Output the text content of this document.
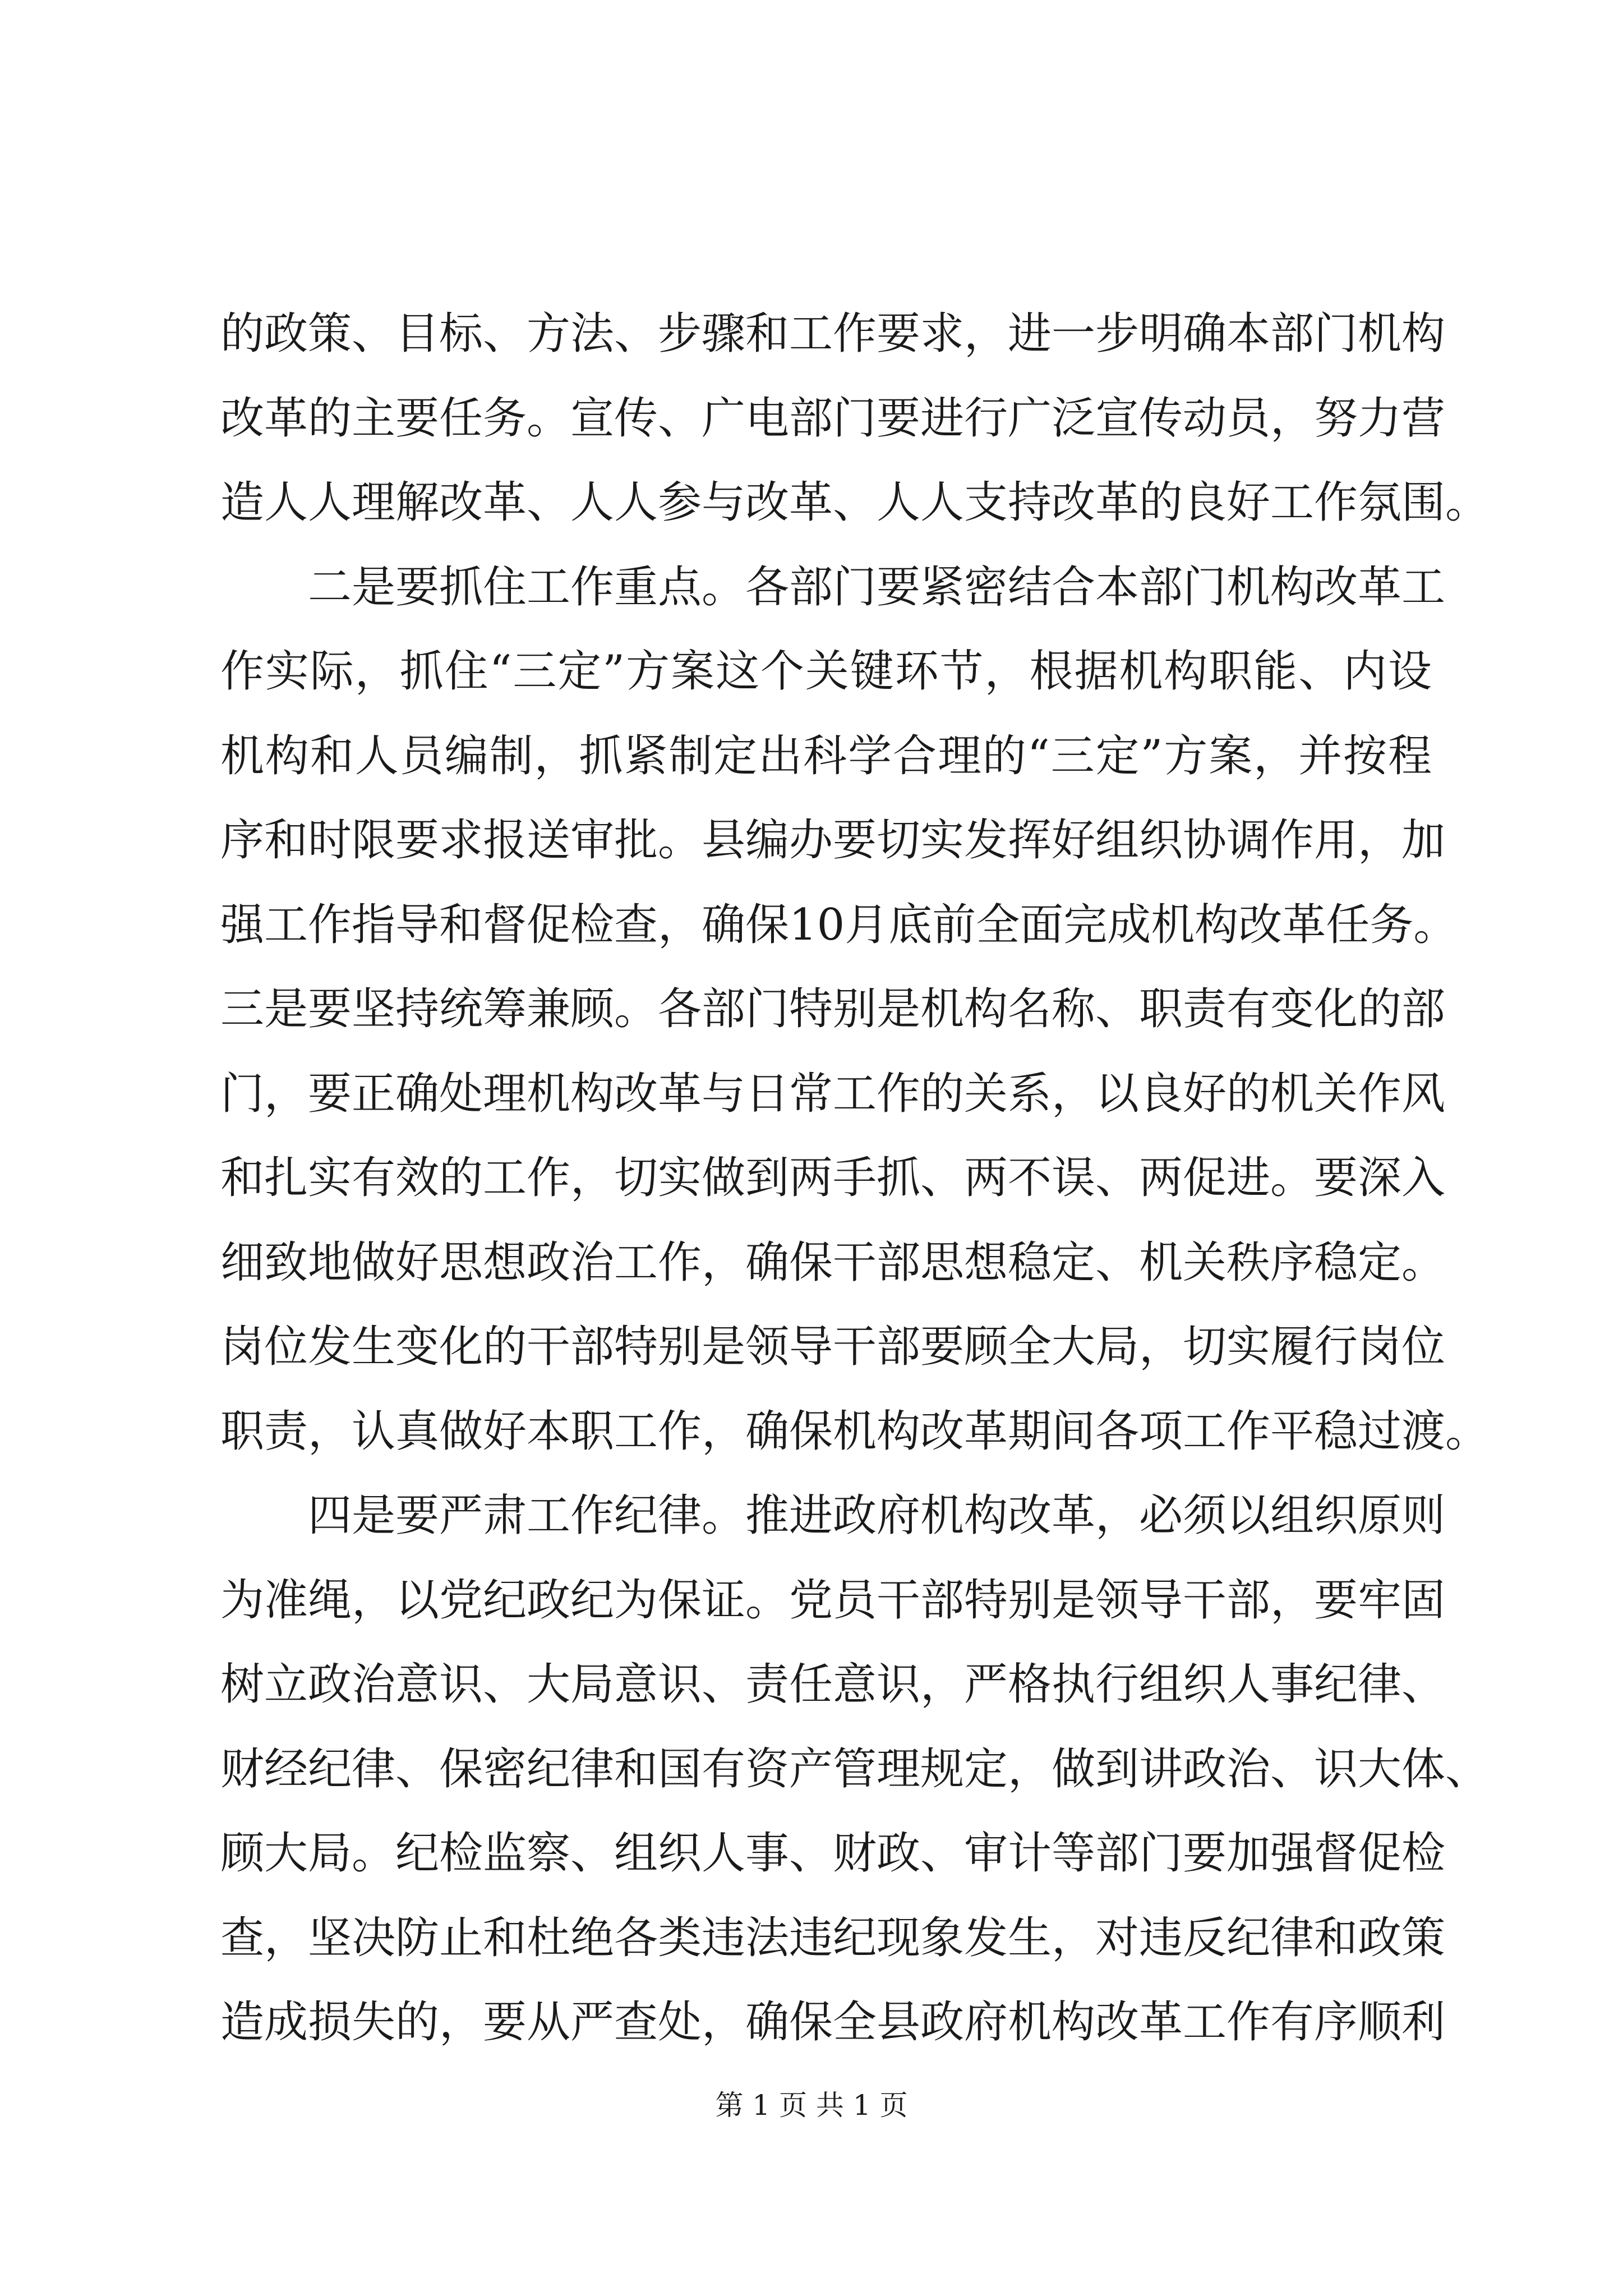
的政策、目标、方法、步骤和工作要求，进一步明确本部门机构
改革的主要任务。宣传、广电部门要进行广泛宣传动员，努力营
造人人理解改革、人人参与改革、人人支持改革的良好工作氛围。
　　二是要抓住工作重点。各部门要紧密结合本部门机构改革工
作实际，抓住“三定”方案这个关键环节，根据机构职能、内设
机构和人员编制，抓紧制定出科学合理的“三定”方案，并按程
序和时限要求报送审批。县编办要切实发挥好组织协调作用，加
强工作指导和督促检查，确保10月底前全面完成机构改革任务。
三是要坚持统筹兼顾。各部门特别是机构名称、职责有变化的部
门，要正确处理机构改革与日常工作的关系，以良好的机关作风
和扎实有效的工作，切实做到两手抓、两不误、两促进。要深入
细致地做好思想政治工作，确保干部思想稳定、机关秩序稳定。
岗位发生变化的干部特别是领导干部要顾全大局，切实履行岗位
职责，认真做好本职工作，确保机构改革期间各项工作平稳过渡。
　　四是要严肃工作纪律。推进政府机构改革，必须以组织原则
为准绳，以党纪政纪为保证。党员干部特别是领导干部，要牢固
树立政治意识、大局意识、责任意识，严格执行组织人事纪律、
财经纪律、保密纪律和国有资产管理规定，做到讲政治、识大体、
顾大局。纪检监察、组织人事、财政、审计等部门要加强督促检
查，坚决防止和杜绝各类违法违纪现象发生，对违反纪律和政策
造成损失的，要从严查处，确保全县政府机构改革工作有序顺利
第 1 页 共 1 页
